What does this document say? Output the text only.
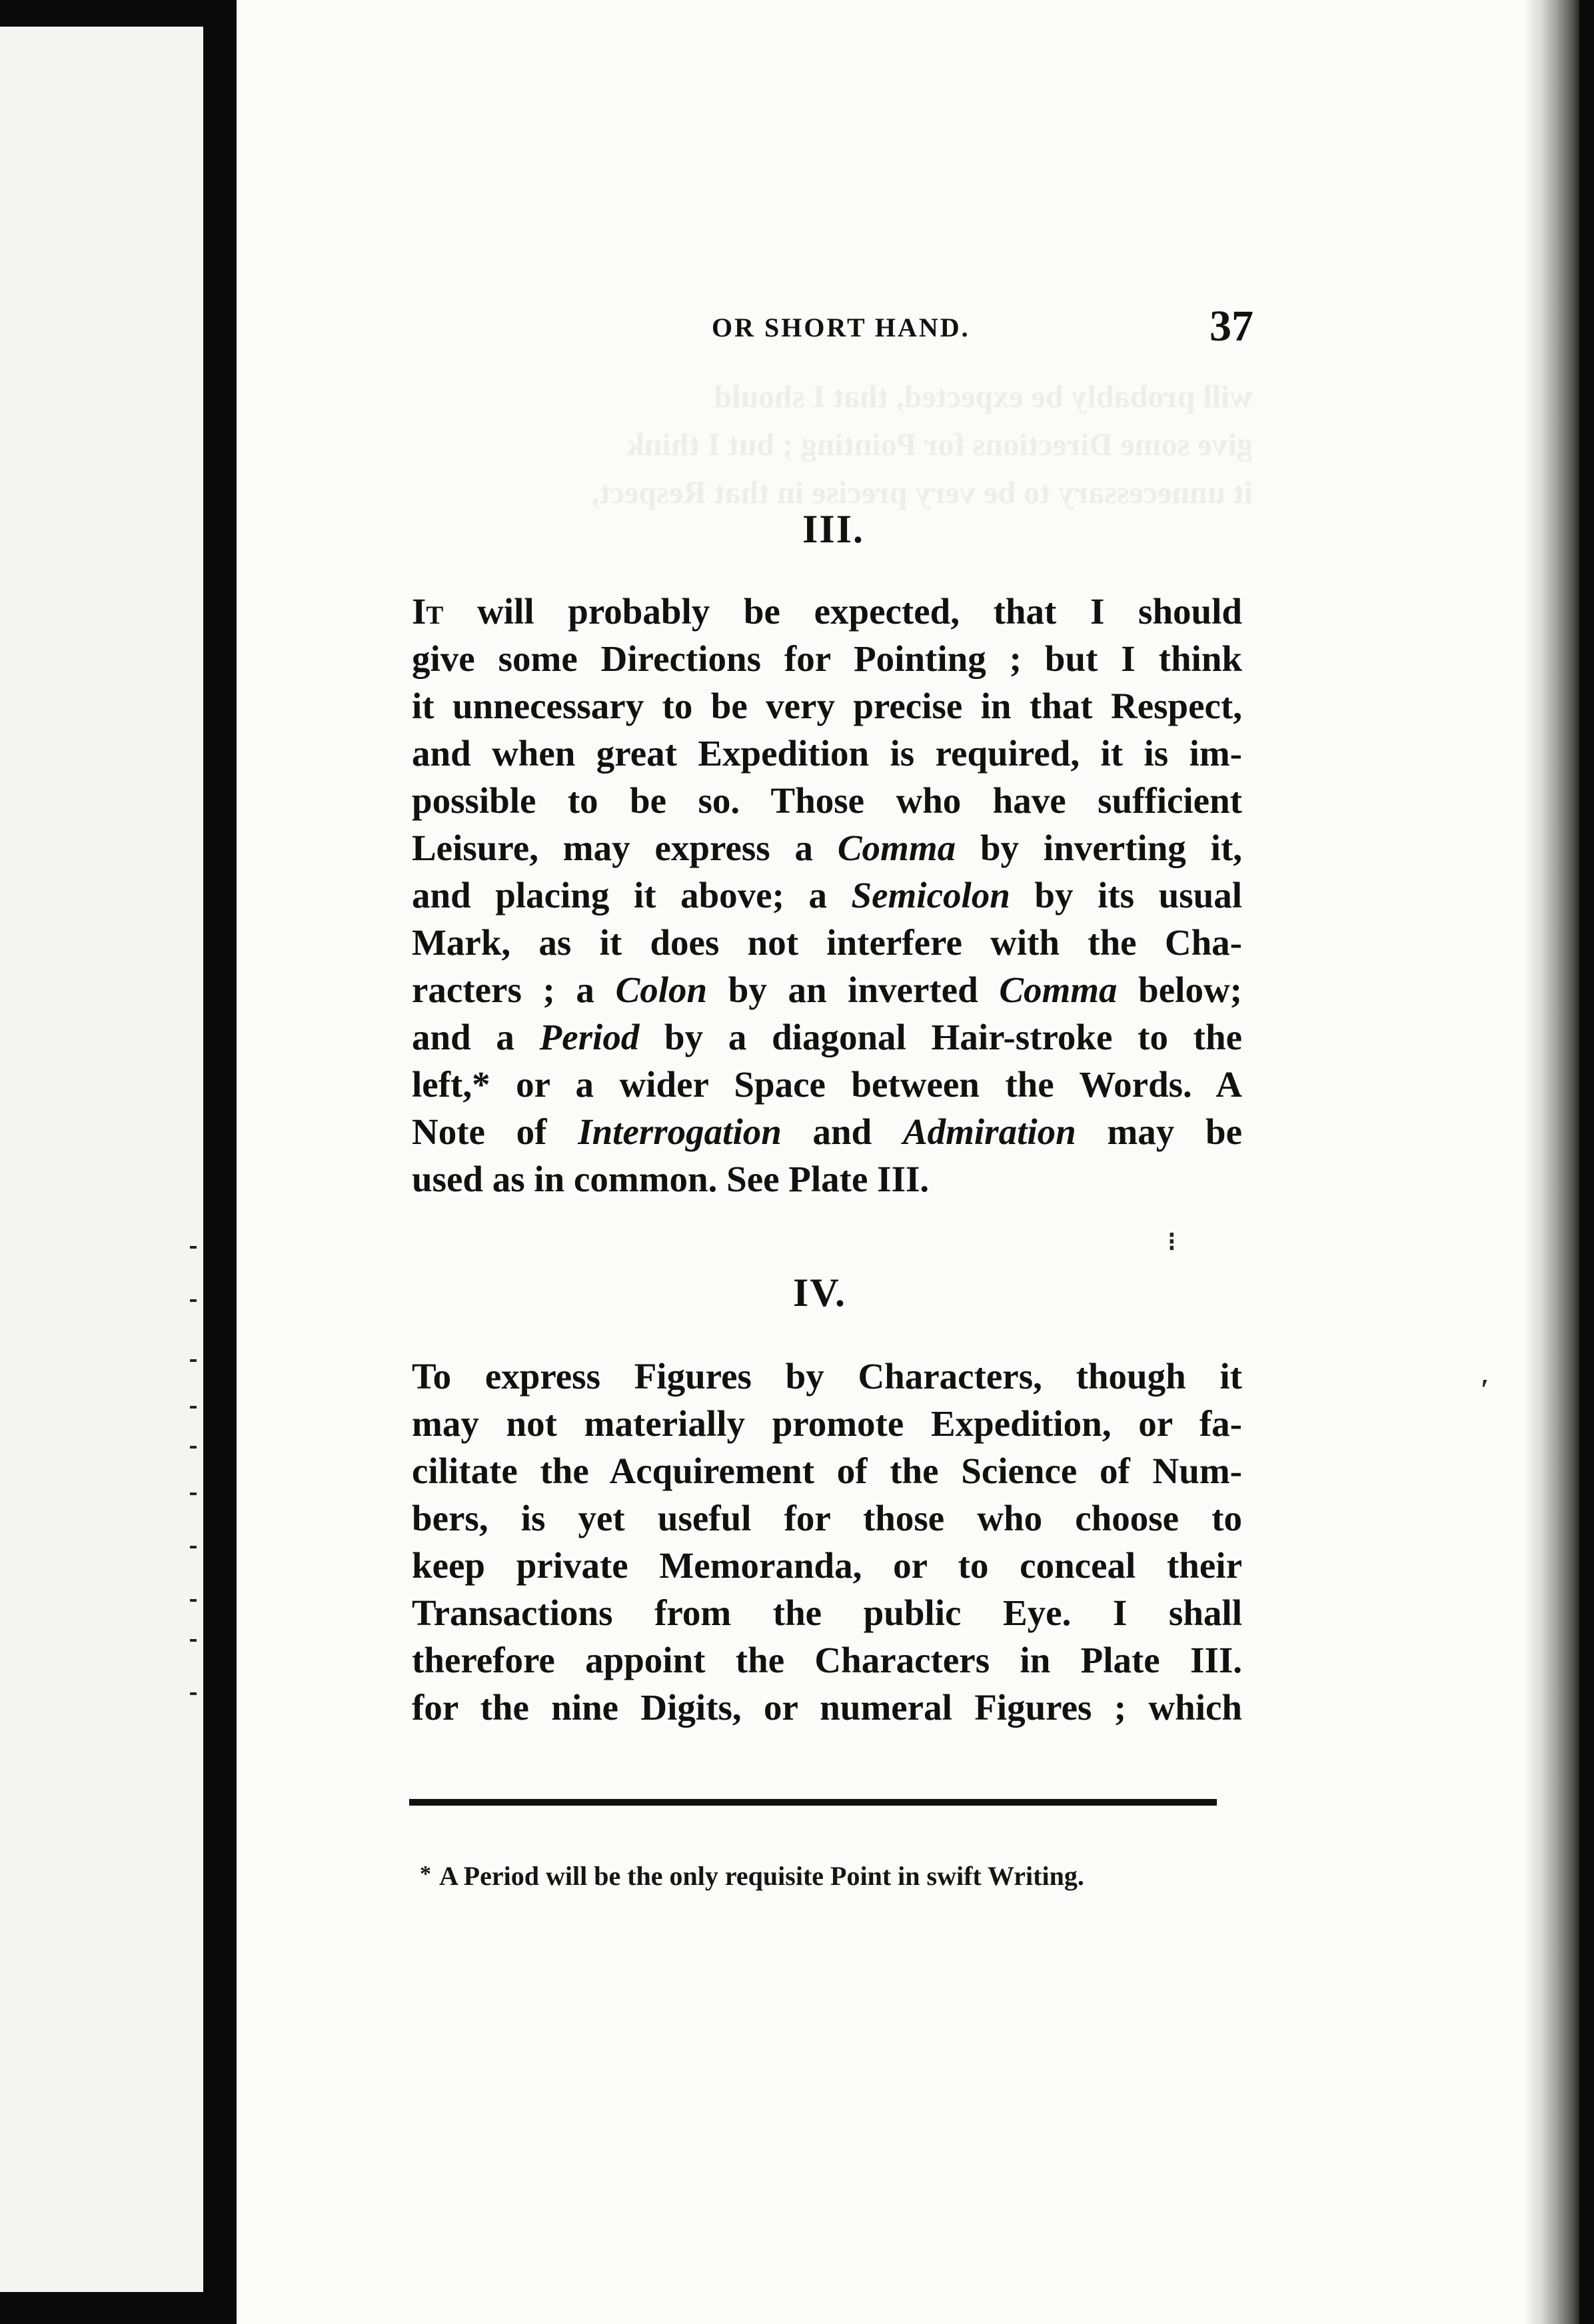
will probably be expected, that I should
give some Directions for Pointing ; but I think
it unnecessary to be very precise in that Respect,
OR SHORT HAND.	37
III.
It will probably be expected, that I should
give some Directions for Pointing ; but I think
it unnecessary to be very precise in that Respect,
and when great Expedition is required, it is im-
possible to be so. Those who have sufficient
Leisure, may express a Comma by inverting it,
and placing it above; a Semicolon by its usual
Mark, as it does not interfere with the Cha-
racters ; a Colon by an inverted Comma below;
and a Period by a diagonal Hair-stroke to the
left,* or a wider Space between the Words. A
Note of Interrogation and Admiration may be
used as in common. See Plate III.
⁝
ʹ
IV.
To express Figures by Characters, though it
may not materially promote Expedition, or fa-
cilitate the Acquirement of the Science of Num-
bers, is yet useful for those who choose to
keep private Memoranda, or to conceal their
Transactions from the public Eye. I shall
therefore appoint the Characters in Plate III.
for the nine Digits, or numeral Figures ; which
* A Period will be the only requisite Point in swift Writing.
